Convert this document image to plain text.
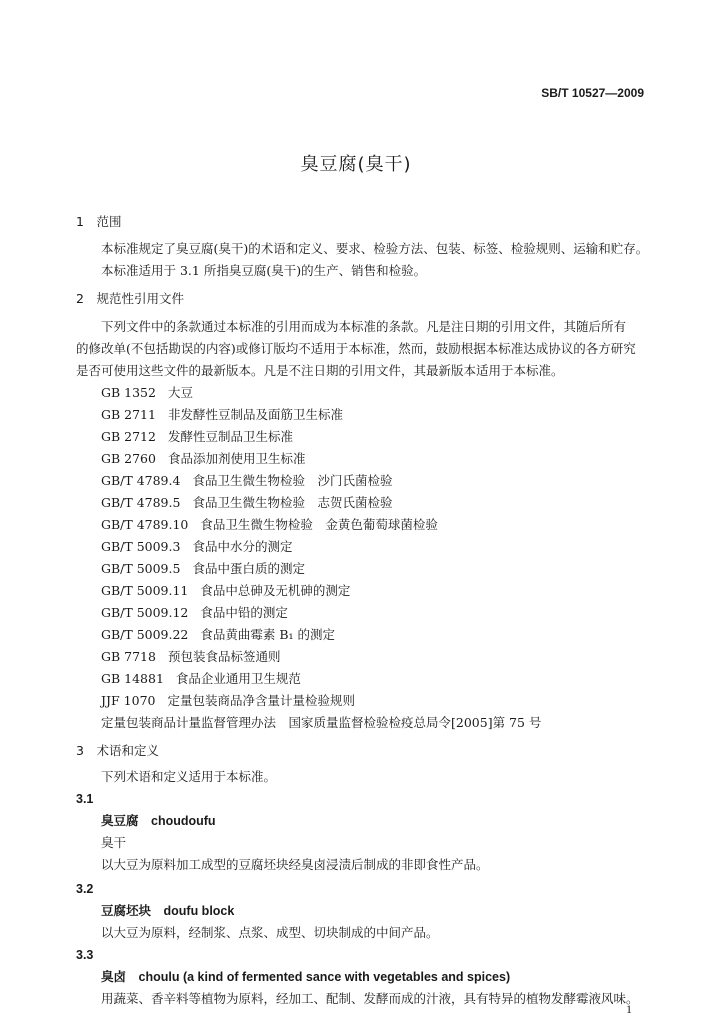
SB/T 10527—2009
臭豆腐(臭干)
1　范围
本标准规定了臭豆腐(臭干)的术语和定义、要求、检验方法、包装、标签、检验规则、运输和贮存。
本标准适用于 3.1 所指臭豆腐(臭干)的生产、销售和检验。
2　规范性引用文件
下列文件中的条款通过本标准的引用而成为本标准的条款。凡是注日期的引用文件，其随后所有
的修改单(不包括勘误的内容)或修订版均不适用于本标准，然而，鼓励根据本标准达成协议的各方研究
是否可使用这些文件的最新版本。凡是不注日期的引用文件，其最新版本适用于本标准。
GB 1352 大豆
GB 2711 非发酵性豆制品及面筋卫生标准
GB 2712 发酵性豆制品卫生标准
GB 2760 食品添加剂使用卫生标准
GB/T 4789.4 食品卫生微生物检验　沙门氏菌检验
GB/T 4789.5 食品卫生微生物检验　志贺氏菌检验
GB/T 4789.10 食品卫生微生物检验　金黄色葡萄球菌检验
GB/T 5009.3 食品中水分的测定
GB/T 5009.5 食品中蛋白质的测定
GB/T 5009.11 食品中总砷及无机砷的测定
GB/T 5009.12 食品中铅的测定
GB/T 5009.22 食品黄曲霉素 B₁ 的测定
GB 7718 预包装食品标签通则
GB 14881 食品企业通用卫生规范
JJF 1070 定量包装商品净含量计量检验规则
定量包装商品计量监督管理办法　国家质量监督检验检疫总局令[2005]第 75 号
3　术语和定义
下列术语和定义适用于本标准。
3.1
臭豆腐　choudoufu
臭干
以大豆为原料加工成型的豆腐坯块经臭卤浸渍后制成的非即食性产品。
3.2
豆腐坯块　doufu block
以大豆为原料，经制浆、点浆、成型、切块制成的中间产品。
3.3
臭卤　choulu (a kind of fermented sance with vegetables and spices)
用蔬菜、香辛料等植物为原料，经加工、配制、发酵而成的汁液，具有特异的植物发酵霉液风味。
1
